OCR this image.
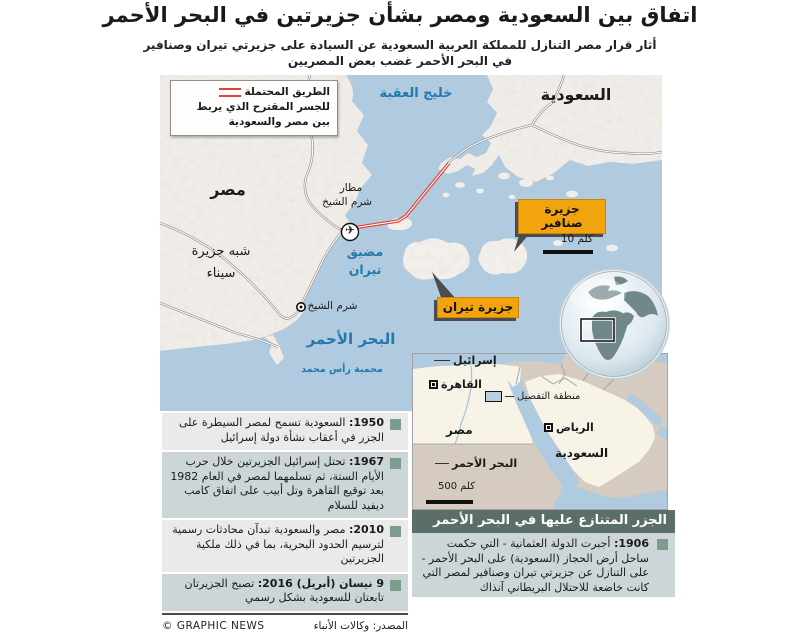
اتفاق بين السعودية ومصر بشأن جزيرتين في البحر الأحمر
أثار قرار مصر التنازل للمملكة العربية السعودية عن السيادة على جزيرتي تيران وصنافير
في البحر الأحمر غضب بعض المصريين
✈
الطريق المحتملة
للجسر المقترح الذي يربط
بين مصر والسعودية
خليج العقبة	السعودية
مصر
شبه جزيرة
سيناء
مطار
شرم الشيخ
مضيق
تيران
شرم الشيخ
البحر الأحمر
محمية رأس محمد
جزيرة صنافير
جزيرة تيران
10 كلم
إسرائيل
القاهرة
منطقة التفصيل
مصر	الرياض
السعودية
البحر الأحمر
500 كلم
الجزر المتنازع عليها في البحر الأحمر
1906: أجبرت الدولة العثمانية - التي حكمت ساحل أرض الحجاز (السعودية) على البحر الأحمر - على التنازل عن جزيرتي تيران وصنافير لمصر التي كانت خاضعة للاحتلال البريطاني آنذاك
1950: السعودية تسمح لمصر السيطرة على الجزر في أعقاب نشأة دولة إسرائيل
1967: تحتل إسرائيل الجزيرتين خلال حرب الأيام الستة، ثم تسلمهما لمصر في العام 1982 بعد توقيع القاهرة وتل أبيب على اتفاق كامب ديفيد للسلام
2010: مصر والسعودية تبدآن محادثات رسمية لترسيم الحدود البحرية، بما في ذلك ملكية الجزيرتين
9 نيسان (أبريل) 2016: تصبح الجزيرتان تابعتان للسعودية بشكل رسمي
© GRAPHIC NEWS	المصدر: وكالات الأنباء
